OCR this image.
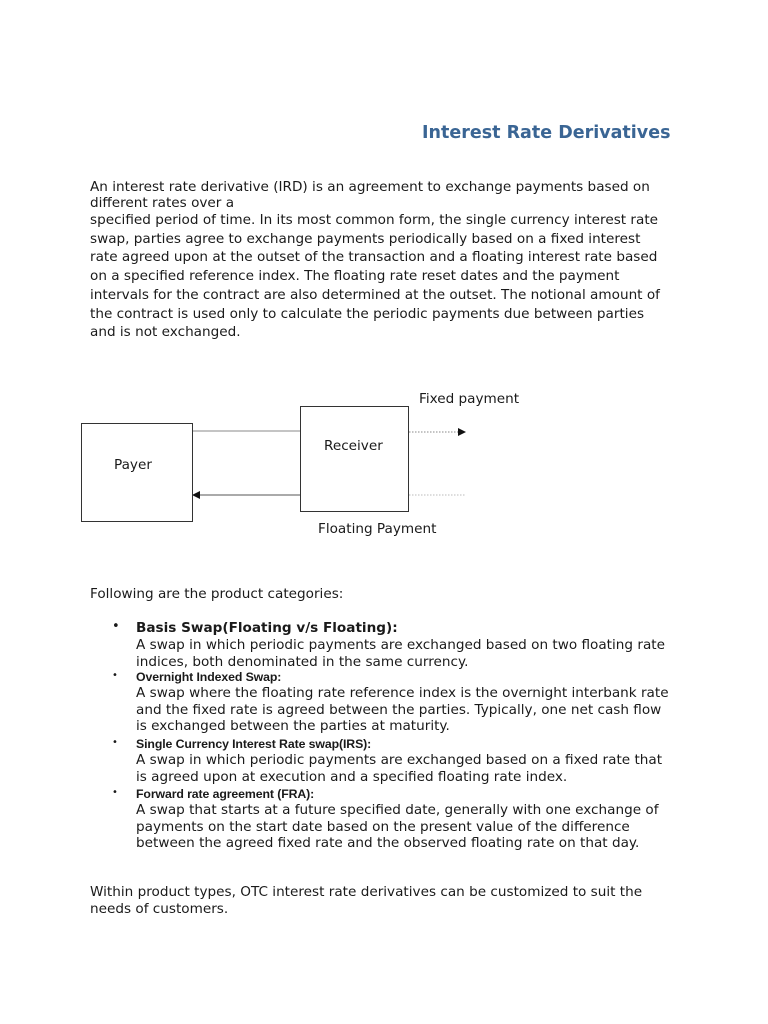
Interest Rate Derivatives

An interest rate derivative (IRD) is an agreement to exchange payments based on
different rates over a

specified period of time. In its most common form, the single currency interest rate
swap, parties agree to exchange payments periodically based on a fixed interest
rate agreed upon at the outset of the transaction and a floating interest rate based
on a specified reference index. The floating rate reset dates and the payment
intervals for the contract are also determined at the outset. The notional amount of
the contract is used only to calculate the periodic payments due between parties
and is not exchanged.

Payer
Receiver
Fixed payment
Floating Payment

Following are the product categories:

• Basis Swap(Floating v/s Floating):
A swap in which periodic payments are exchanged based on two floating rate
indices, both denominated in the same currency.
• Overnight Indexed Swap:
A swap where the floating rate reference index is the overnight interbank rate
and the fixed rate is agreed between the parties. Typically, one net cash flow
is exchanged between the parties at maturity.
• Single Currency Interest Rate swap(IRS):
A swap in which periodic payments are exchanged based on a fixed rate that
is agreed upon at execution and a specified floating rate index.
• Forward rate agreement (FRA):
A swap that starts at a future specified date, generally with one exchange of
payments on the start date based on the present value of the difference
between the agreed fixed rate and the observed floating rate on that day.

Within product types, OTC interest rate derivatives can be customized to suit the
needs of customers.
